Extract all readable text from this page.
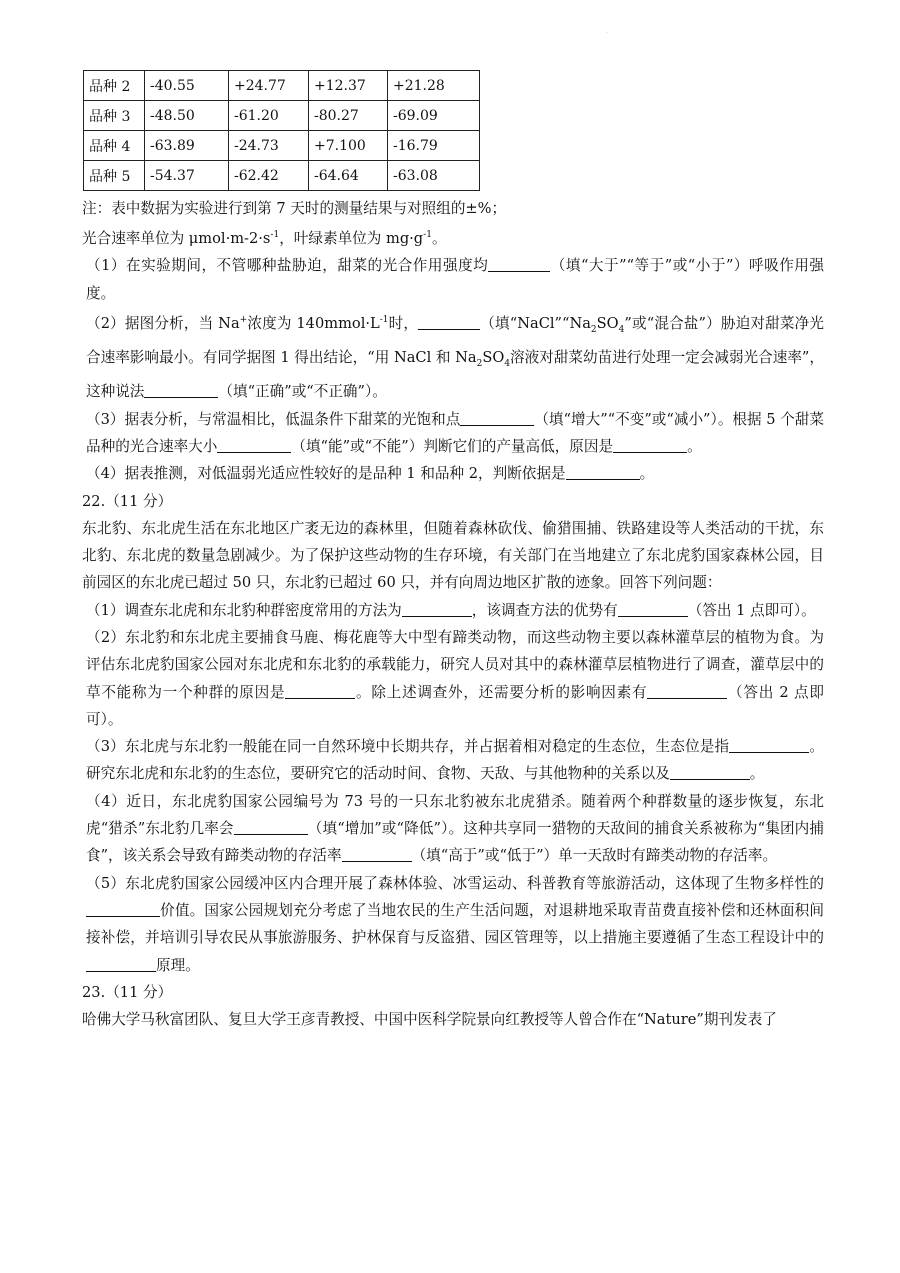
·
品种 2	-40.55	+24.77	+12.37	+21.28
品种 3	-48.50	-61.20	-80.27	-69.09
品种 4	-63.89	-24.73	+7.100	-16.79
品种 5	-54.37	-62.42	-64.64	-63.08

注：表中数据为实验进行到第 7 天时的测量结果与对照组的±%；

光合速率单位为 $\mu mol\cdot m-2\cdot s^{-1}$，叶绿素单位为 $mg\cdot g^{-1}$。

（1）在实验期间，不管哪种盐胁迫，甜菜的光合作用强度均	（填“大于”“等于”或“小于”）呼吸作用强度。

（2）据图分析，当 Na+浓度为 $140mmol\cdot L^{-1}$时，	（填“$NaCl”“Na_2SO_4$”或“混合盐”）胁迫对甜菜净光合速率影响最小。有同学据图 1 得出结论，“用 NaCl 和 $Na_2SO_4$溶液对甜菜幼苗进行处理一定会减弱光合速率”，这种说法	（填“正确”或“不正确”）。

（3）据表分析，与常温相比，低温条件下甜菜的光饱和点	（填“增大”“不变”或“减小”）。根据 5 个甜菜品种的光合速率大小	（填“能”或“不能”）判断它们的产量高低，原因是	。

（4）据表推测，对低温弱光适应性较好的是品种 1 和品种 2，判断依据是	。

22.（11 分）

东北豹、东北虎生活在东北地区广袤无边的森林里，但随着森林砍伐、偷猎围捕、铁路建设等人类活动的干扰，东北豹、东北虎的数量急剧减少。为了保护这些动物的生存环境，有关部门在当地建立了东北虎豹国家森林公园，目前园区的东北虎已超过 50 只，东北豹已超过 60 只，并有向周边地区扩散的迹象。回答下列问题：

（1）调查东北虎和东北豹种群密度常用的方法为	，该调查方法的优势有	（答出 1 点即可）。

（2）东北豹和东北虎主要捕食马鹿、梅花鹿等大中型有蹄类动物，而这些动物主要以森林灌草层的植物为食。为评估东北虎豹国家公园对东北虎和东北豹的承载能力，研究人员对其中的森林灌草层植物进行了调查，灌草层中的草不能称为一个种群的原因是	。除上述调查外，还需要分析的影响因素有	（答出 2 点即可）。

（3）东北虎与东北豹一般能在同一自然环境中长期共存，并占据着相对稳定的生态位，生态位是指	。研究东北虎和东北豹的生态位，要研究它的活动时间、食物、天敌、与其他物种的关系以及	。

（4）近日，东北虎豹国家公园编号为 73 号的一只东北豹被东北虎猎杀。随着两个种群数量的逐步恢复，东北虎“猎杀”东北豹几率会	（填“增加”或“降低”）。这种共享同一猎物的天敌间的捕食关系被称为“集团内捕食”，该关系会导致有蹄类动物的存活率	（填“高于”或“低于”）单一天敌时有蹄类动物的存活率。

（5）东北虎豹国家公园缓冲区内合理开展了森林体验、冰雪运动、科普教育等旅游活动，这体现了生物多样性的价值。国家公园规划充分考虑了当地农民的生产生活问题，对退耕地采取青苗费直接补偿和还林面积间接补偿，并培训引导农民从事旅游服务、护林保育与反盗猎、园区管理等，以上措施主要遵循了生态工程设计中的原理。

23.（11 分）

哈佛大学马秋富团队、复旦大学王彦青教授、中国中医科学院景向红教授等人曾合作在“Nature”期刊发表了
